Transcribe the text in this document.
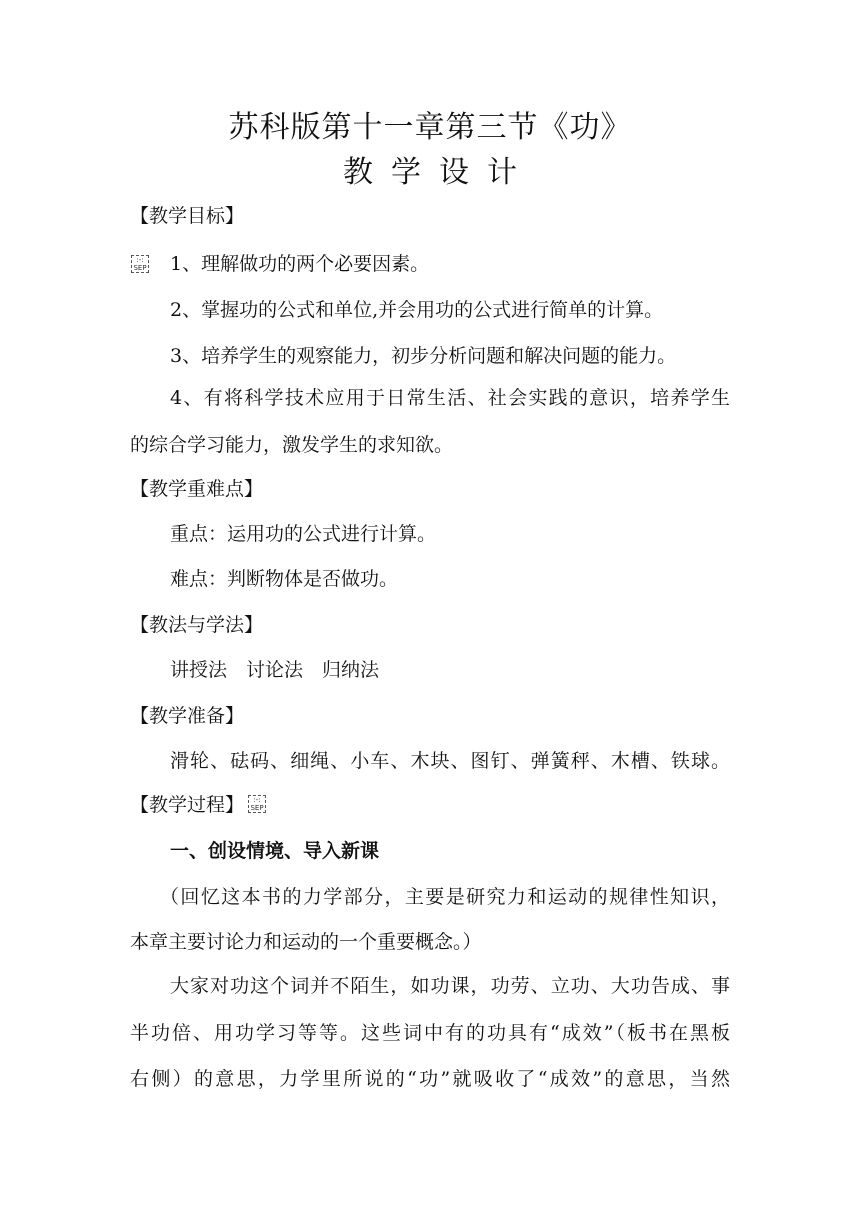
苏科版第十一章第三节《功》
教学设计
【教学目标】
:-:
SEP 1、理解做功的两个必要因素。
2、掌握功的公式和单位,并会用功的公式进行简单的计算。
3、培养学生的观察能力，初步分析问题和解决问题的能力。
4、有将科学技术应用于日常生活、社会实践的意识，培养学生
的综合学习能力，激发学生的求知欲。
【教学重难点】
重点：运用功的公式进行计算。
难点：判断物体是否做功。
【教法与学法】
讲授法　讨论法　归纳法
【教学准备】
滑轮、砝码、细绳、小车、木块、图钉、弹簧秤、木槽、铁球。
【教学过程】 :-:
SEP
一、创设情境、导入新课
（回忆这本书的力学部分，主要是研究力和运动的规律性知识，
本章主要讨论力和运动的一个重要概念。）
大家对功这个词并不陌生，如功课，功劳、立功、大功告成、事
半功倍、用功学习等等。这些词中有的功具有“成效”（板书在黑板
右侧）的意思，力学里所说的“功”就吸收了“成效”的意思，当然
